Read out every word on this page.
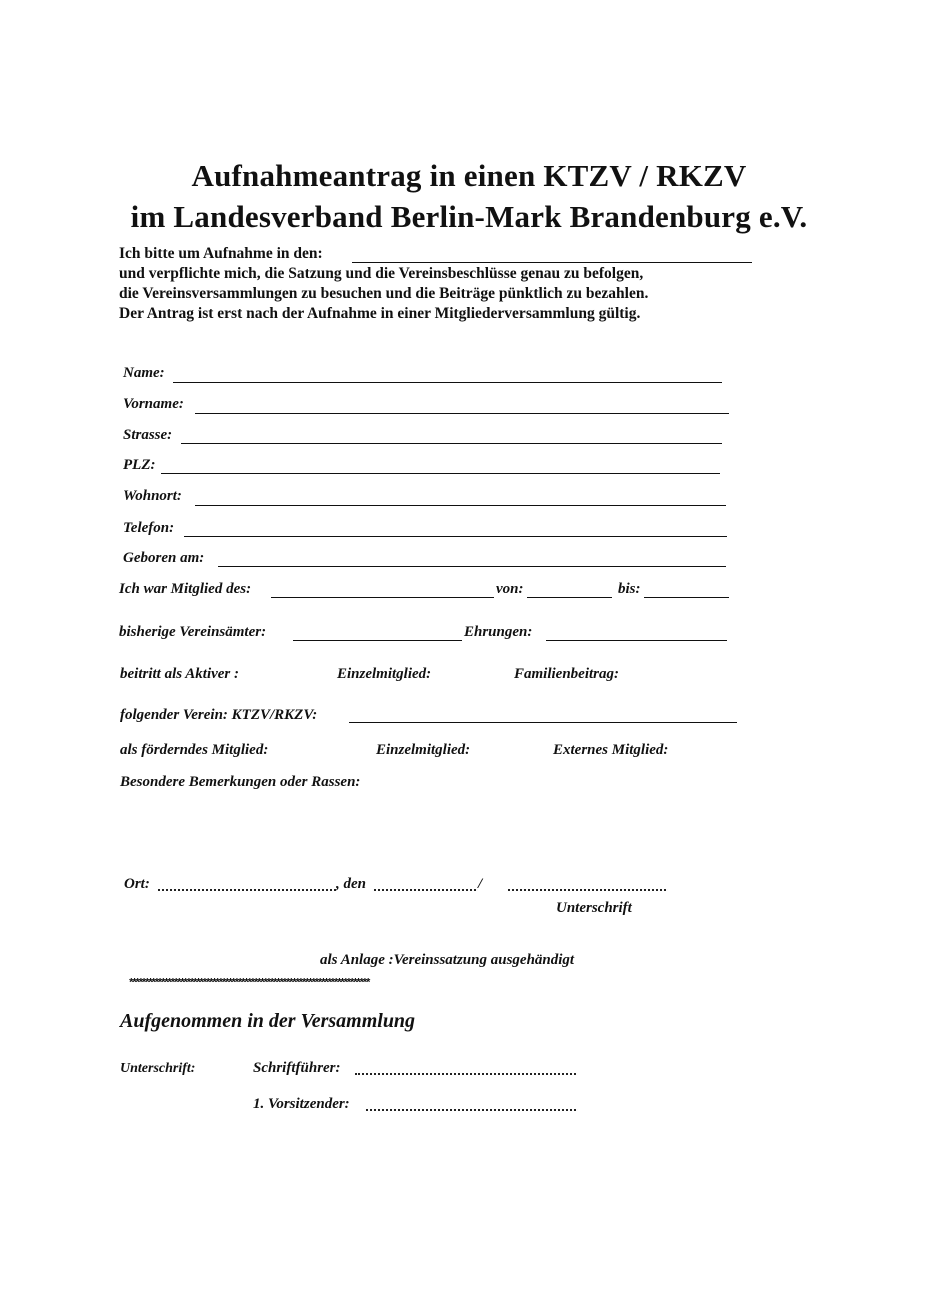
Aufnahmeantrag in einen KTZV / RKZV
im Landesverband Berlin-Mark Brandenburg e.V.
Ich bitte um Aufnahme in den:
und verpflichte mich, die Satzung und die Vereinsbeschlüsse genau zu befolgen,
die Vereinsversammlungen zu besuchen und die Beiträge pünktlich zu bezahlen.
Der Antrag ist erst nach der Aufnahme in einer Mitgliederversammlung gültig.
Name:
Vorname:
Strasse:
PLZ:
Wohnort:
Telefon:
Geboren am:
Ich war Mitglied des:	von:	bis:
bisherige Vereinsämter:	Ehrungen:
beitritt als Aktiver :	Einzelmitglied:	Familienbeitrag:
folgender Verein: KTZV/RKZV:
als förderndes Mitglied:	Einzelmitglied:	Externes Mitglied:
Besondere Bemerkungen oder Rassen:
Ort:	, den	/
Unterschrift
als Anlage :Vereinssatzung ausgehändigt
***************************************************************************
Aufgenommen in der Versammlung
Unterschrift:	Schriftführer:
1. Vorsitzender:
